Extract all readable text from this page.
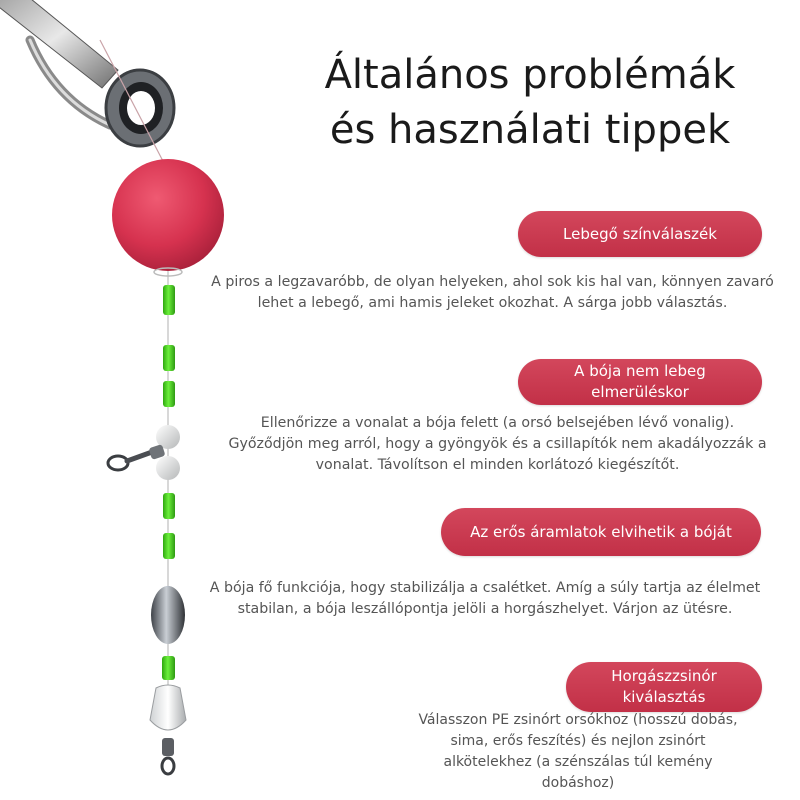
Általános problémák
és használati tippek
Lebegő színválaszék
A piros a legzavaróbb, de olyan helyeken, ahol sok kis hal van, könnyen zavaró lehet a lebegő, ami hamis jeleket okozhat. A sárga jobb választás.
A bója nem lebeg
elmerüléskor
Ellenőrizze a vonalat a bója felett (a orsó belsejében lévő vonalig). Győződjön meg arról, hogy a gyöngyök és a csillapítók nem akadályozzák a vonalat. Távolítson el minden korlátozó kiegészítőt.
Az erős áramlatok elvihetik a bóját
A bója fő funkciója, hogy stabilizálja a csalétket. Amíg a súly tartja az élelmet stabilan, a bója leszállópontja jelöli a horgászhelyet. Várjon az ütésre.
Horgászzsinór
kiválasztás
Válasszon PE zsinórt orsókhoz (hosszú dobás, sima, erős feszítés) és nejlon zsinórt alkötelekhez (a szénszálas túl kemény dobáshoz)
